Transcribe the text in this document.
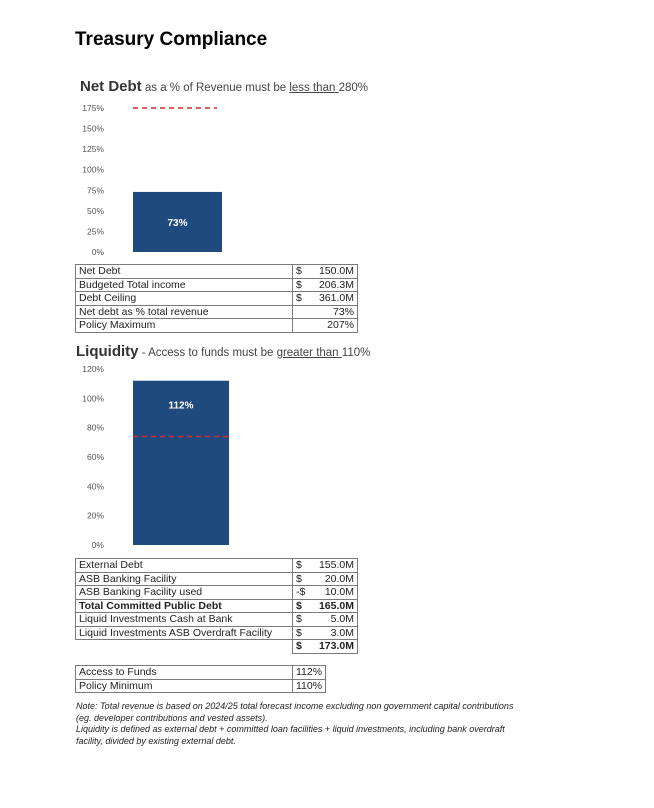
Treasury Compliance
Net Debt as a % of Revenue must be less than 280%
0%
25%
50%
75%
100%
125%
150%
175%
73%
Net Debt	$	150.0M
Budgeted Total income	$	206.3M
Debt Ceiling	$	361.0M
Net debt as % total revenue	73%	
Policy Maximum	207%	
Liquidity - Access to funds must be greater than 110%
0%
20%
40%
60%
80%
100%
120%
112%
External Debt	$	155.0M
ASB Banking Facility	$	20.0M
ASB Banking Facility used	-$	10.0M
Total Committed Public Debt	$	165.0M
Liquid Investments Cash at Bank	$	5.0M
Liquid Investments ASB Overdraft Facility	$	3.0M
	$	173.0M
Access to Funds	112%
Policy Minimum	110%
Note: Total revenue is based on 2024/25 total forecast income excluding non government capital contributions (eg. developer contributions and vested assets).
Liquidity is defined as external debt + committed loan facilities + liquid investments, including bank overdraft facility, divided by existing external debt.
